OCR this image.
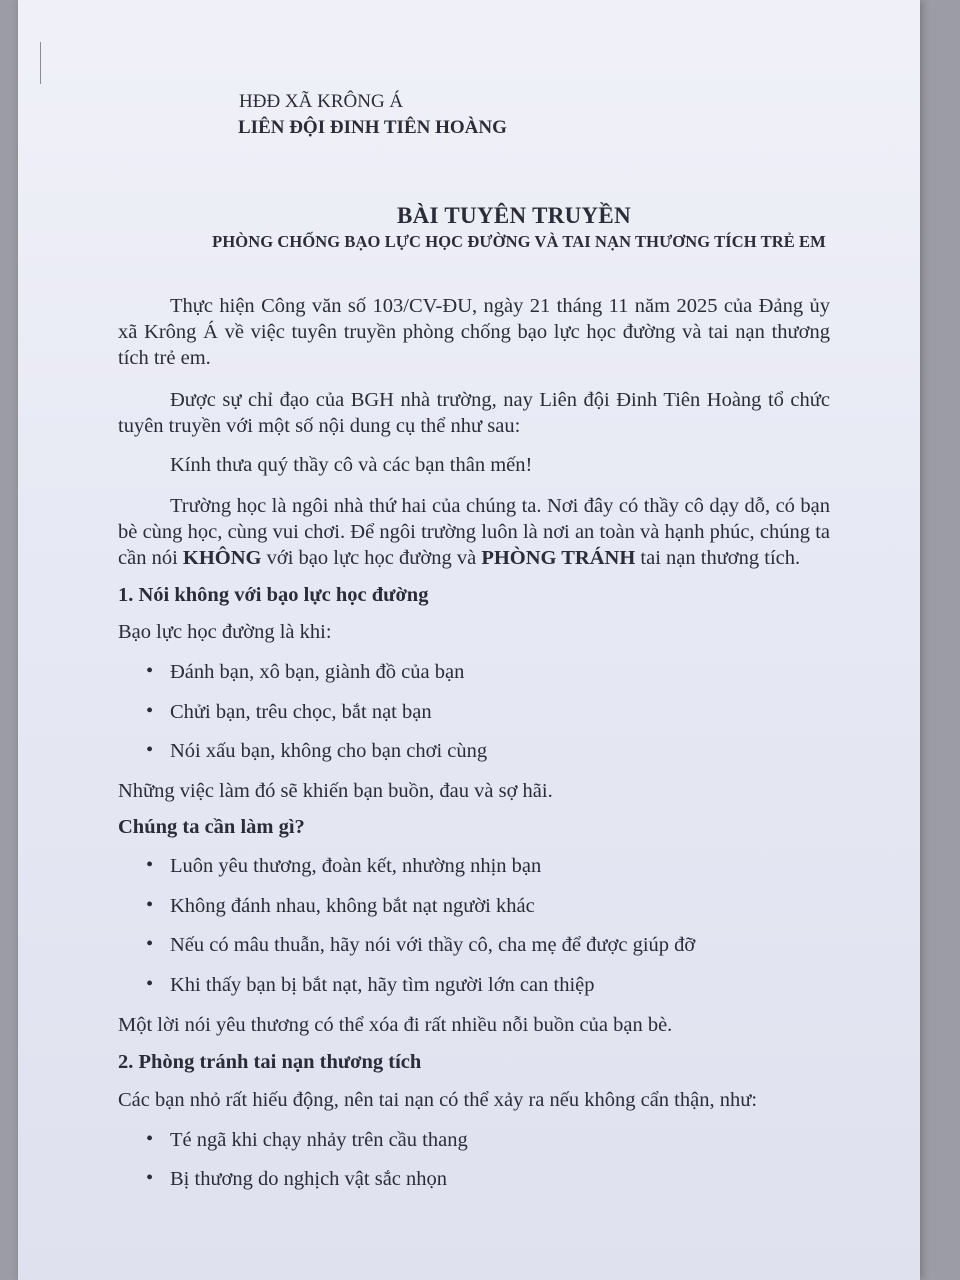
HĐĐ XÃ KRÔNG Á
LIÊN ĐỘI ĐINH TIÊN HOÀNG
BÀI TUYÊN TRUYỀN
PHÒNG CHỐNG BẠO LỰC HỌC ĐƯỜNG VÀ TAI NẠN THƯƠNG TÍCH TRẺ EM

Thực hiện Công văn số 103/CV-ĐU, ngày 21 tháng 11 năm 2025 của Đảng ủy xã Krông Á về việc tuyên truyền phòng chống bạo lực học đường và tai nạn thương tích trẻ em.

Được sự chỉ đạo của BGH nhà trường, nay Liên đội Đinh Tiên Hoàng tổ chức tuyên truyền với một số nội dung cụ thể như sau:

Kính thưa quý thầy cô và các bạn thân mến!

Trường học là ngôi nhà thứ hai của chúng ta. Nơi đây có thầy cô dạy dỗ, có bạn bè cùng học, cùng vui chơi. Để ngôi trường luôn là nơi an toàn và hạnh phúc, chúng ta cần nói KHÔNG với bạo lực học đường và PHÒNG TRÁNH tai nạn thương tích.

1. Nói không với bạo lực học đường

Bạo lực học đường là khi:

• Đánh bạn, xô bạn, giành đồ của bạn
• Chửi bạn, trêu chọc, bắt nạt bạn
• Nói xấu bạn, không cho bạn chơi cùng

Những việc làm đó sẽ khiến bạn buồn, đau và sợ hãi.

Chúng ta cần làm gì?
• Luôn yêu thương, đoàn kết, nhường nhịn bạn
• Không đánh nhau, không bắt nạt người khác
• Nếu có mâu thuẫn, hãy nói với thầy cô, cha mẹ để được giúp đỡ
• Khi thấy bạn bị bắt nạt, hãy tìm người lớn can thiệp

Một lời nói yêu thương có thể xóa đi rất nhiều nỗi buồn của bạn bè.

2. Phòng tránh tai nạn thương tích

Các bạn nhỏ rất hiếu động, nên tai nạn có thể xảy ra nếu không cẩn thận, như:

• Té ngã khi chạy nhảy trên cầu thang
• Bị thương do nghịch vật sắc nhọn
